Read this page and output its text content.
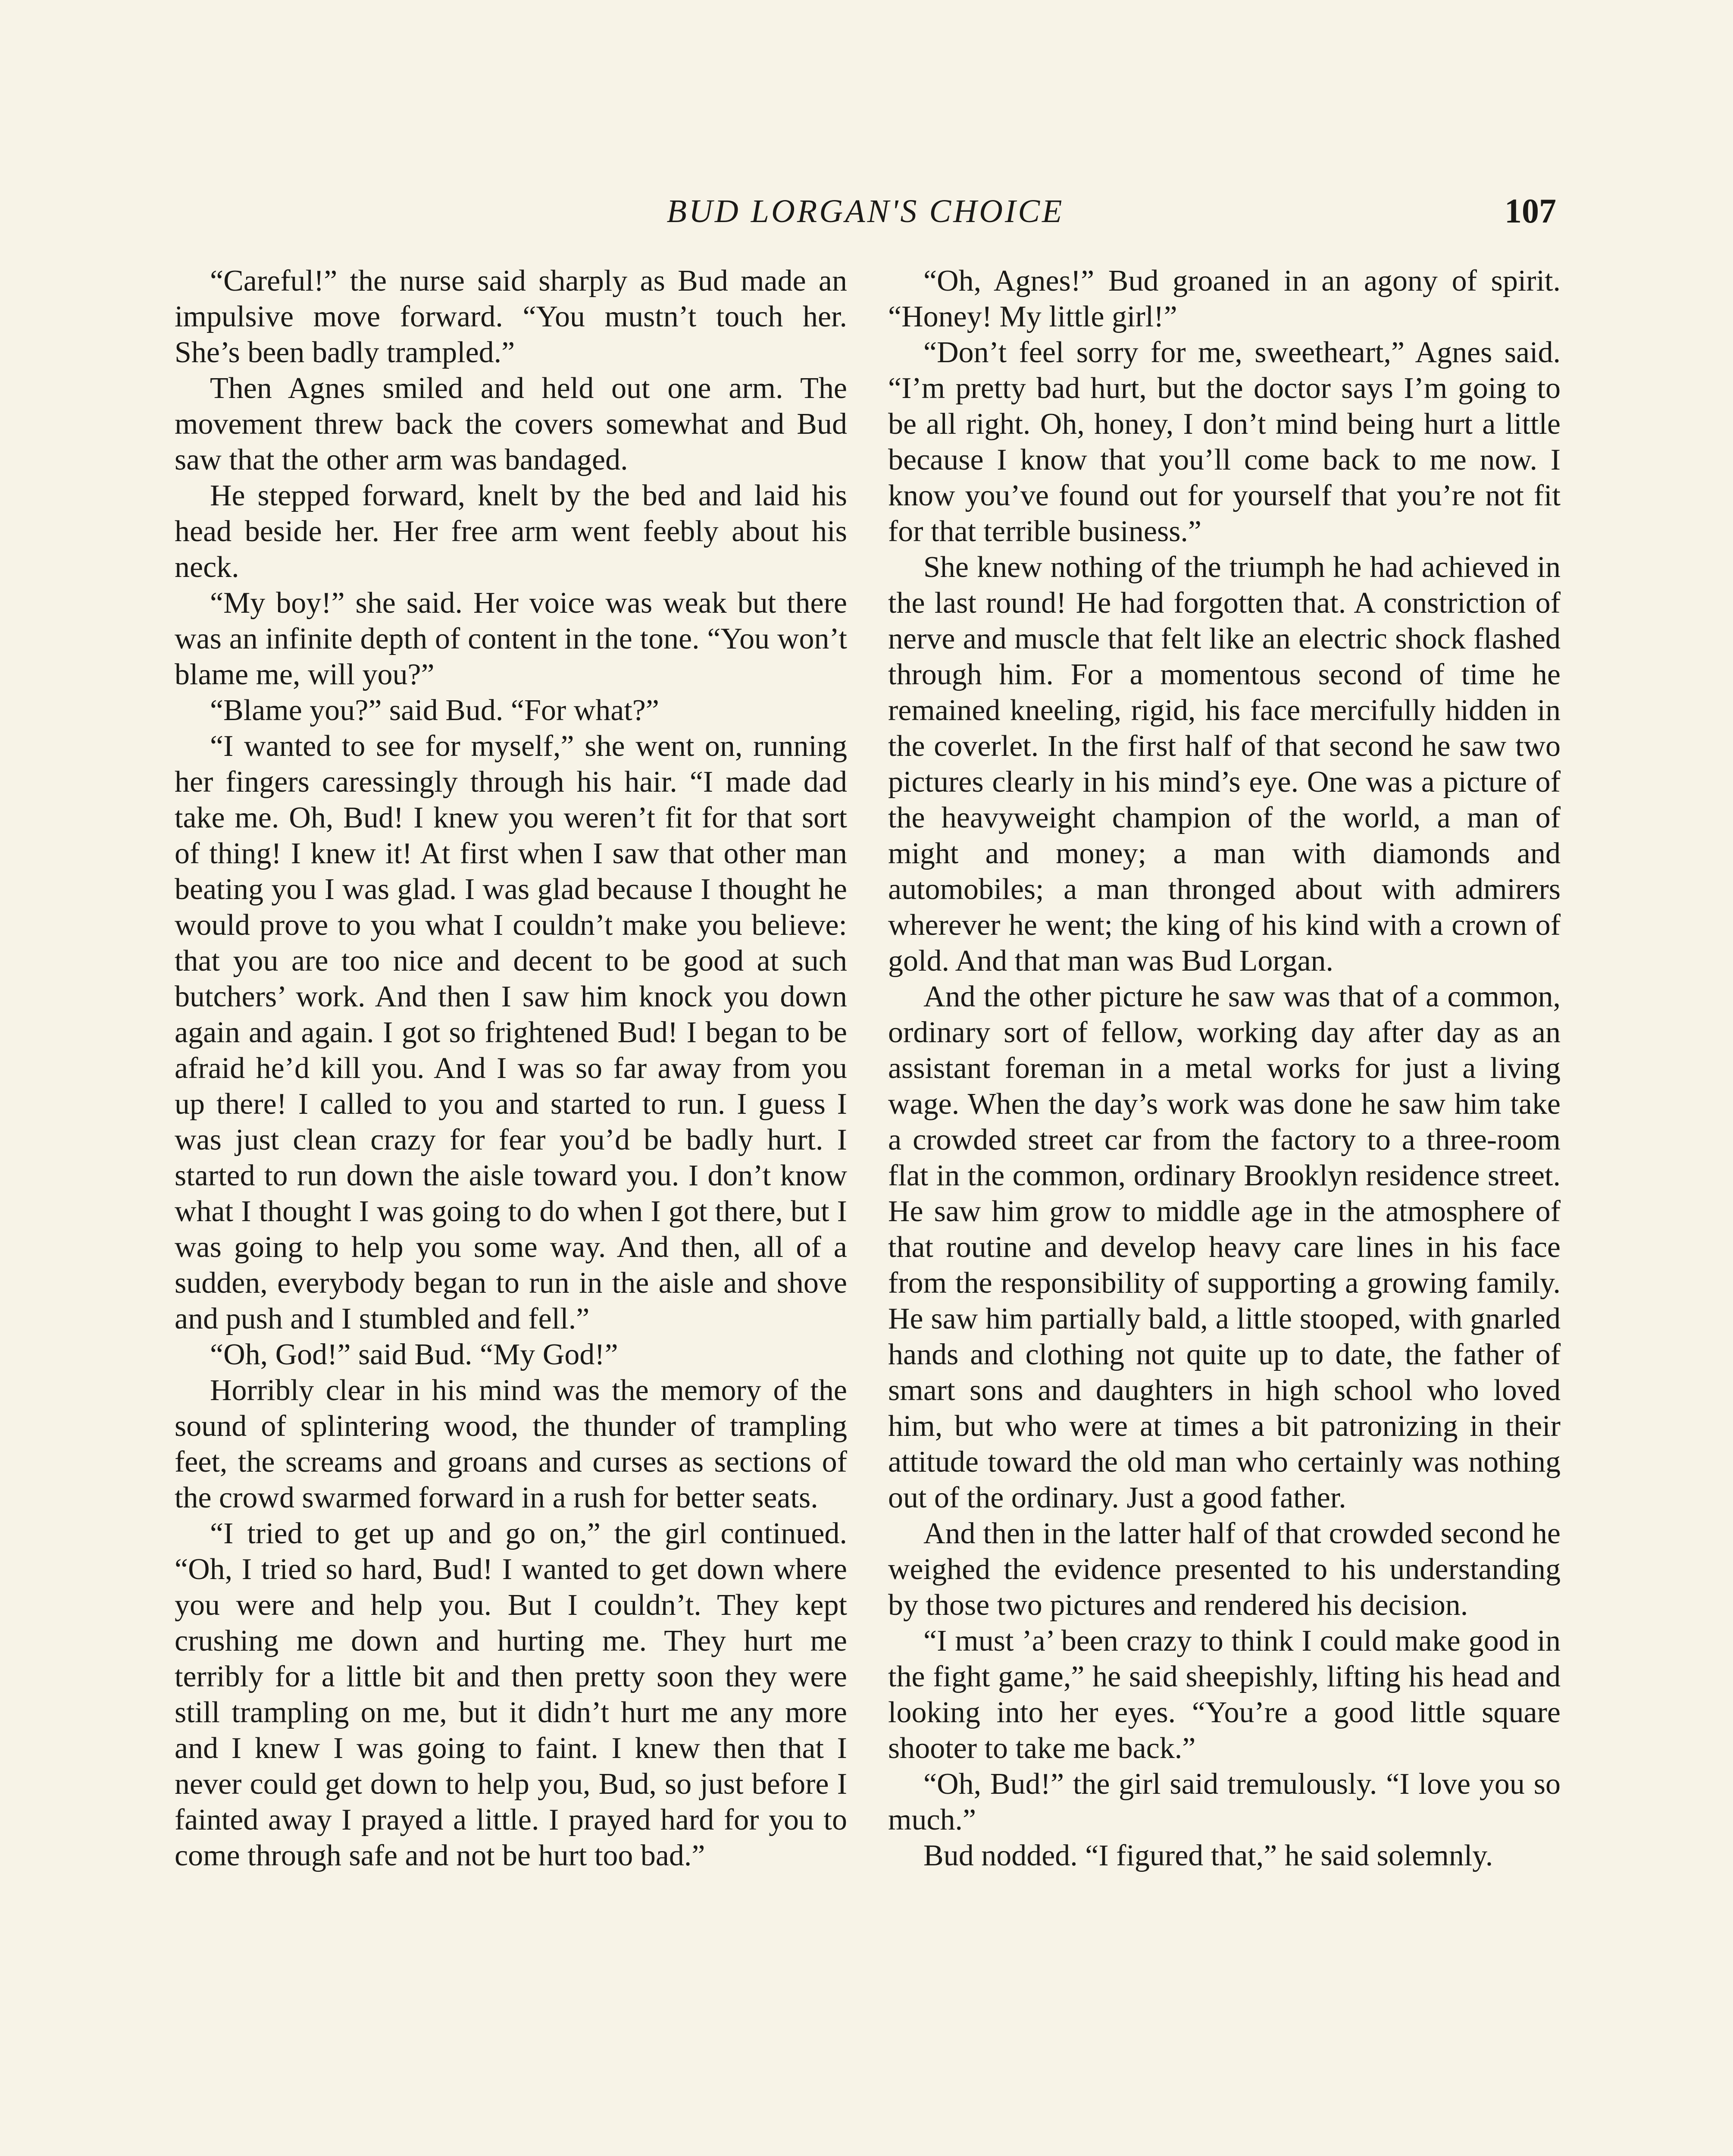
BUD LORGAN'S CHOICE	107

“Careful!” the nurse said sharply as Bud made an impulsive move forward. “You mustn’t touch her. She’s been badly trampled.”

Then Agnes smiled and held out one arm. The movement threw back the covers somewhat and Bud saw that the other arm was bandaged.

He stepped forward, knelt by the bed and laid his head beside her. Her free arm went feebly about his neck.

“My boy!” she said. Her voice was weak but there was an infinite depth of content in the tone. “You won’t blame me, will you?”

“Blame you?” said Bud. “For what?”

“I wanted to see for myself,” she went on, running her fingers caressingly through his hair. “I made dad take me. Oh, Bud! I knew you weren’t fit for that sort of thing! I knew it! At first when I saw that other man beating you I was glad. I was glad because I thought he would prove to you what I couldn’t make you believe: that you are too nice and decent to be good at such butchers’ work. And then I saw him knock you down again and again. I got so frightened Bud! I began to be afraid he’d kill you. And I was so far away from you up there! I called to you and started to run. I guess I was just clean crazy for fear you’d be badly hurt. I started to run down the aisle toward you. I don’t know what I thought I was going to do when I got there, but I was going to help you some way. And then, all of a sudden, everybody began to run in the aisle and shove and push and I stumbled and fell.”

“Oh, God!” said Bud. “My God!”

Horribly clear in his mind was the memory of the sound of splintering wood, the thunder of trampling feet, the screams and groans and curses as sections of the crowd swarmed forward in a rush for better seats.

“I tried to get up and go on,” the girl continued. “Oh, I tried so hard, Bud! I wanted to get down where you were and help you. But I couldn’t. They kept crushing me down and hurting me. They hurt me terribly for a little bit and then pretty soon they were still trampling on me, but it didn’t hurt me any more and I knew I was going to faint. I knew then that I never could get down to help you, Bud, so just before I fainted away I prayed a little. I prayed hard for you to come through safe and not be hurt too bad.”

“Oh, Agnes!” Bud groaned in an agony of spirit. “Honey! My little girl!”

“Don’t feel sorry for me, sweetheart,” Agnes said. “I’m pretty bad hurt, but the doctor says I’m going to be all right. Oh, honey, I don’t mind being hurt a little because I know that you’ll come back to me now. I know you’ve found out for yourself that you’re not fit for that terrible business.”

She knew nothing of the triumph he had achieved in the last round! He had forgotten that. A constriction of nerve and muscle that felt like an electric shock flashed through him. For a momentous second of time he remained kneeling, rigid, his face mercifully hidden in the coverlet. In the first half of that second he saw two pictures clearly in his mind’s eye. One was a picture of the heavyweight champion of the world, a man of might and money; a man with diamonds and automobiles; a man thronged about with admirers wherever he went; the king of his kind with a crown of gold. And that man was Bud Lorgan.

And the other picture he saw was that of a common, ordinary sort of fellow, working day after day as an assistant foreman in a metal works for just a living wage. When the day’s work was done he saw him take a crowded street car from the factory to a three-room flat in the common, ordinary Brooklyn residence street. He saw him grow to middle age in the atmosphere of that routine and develop heavy care lines in his face from the responsibility of supporting a growing family. He saw him partially bald, a little stooped, with gnarled hands and clothing not quite up to date, the father of smart sons and daughters in high school who loved him, but who were at times a bit patronizing in their attitude toward the old man who certainly was nothing out of the ordinary. Just a good father.

And then in the latter half of that crowded second he weighed the evidence presented to his understanding by those two pictures and rendered his decision.

“I must ’a’ been crazy to think I could make good in the fight game,” he said sheepishly, lifting his head and looking into her eyes. “You’re a good little square shooter to take me back.”

“Oh, Bud!” the girl said tremulously. “I love you so much.”

Bud nodded. “I figured that,” he said solemnly.
